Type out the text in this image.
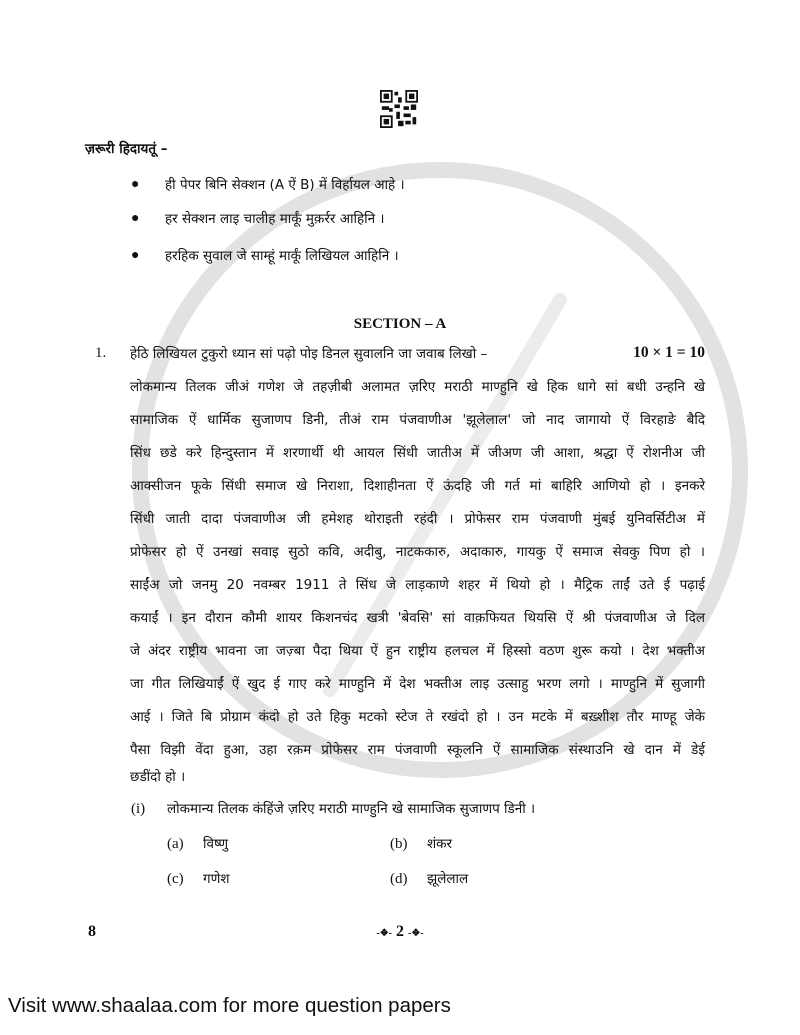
ज़रूरी हिदायतूं –
● ही पेपर बिनि सेक्शन (A ऐं B) में विर्हायल आहे ।
● हर सेक्शन लाइ चालीह मार्कूं मुक़र्रर आहिनि ।
● हरहिक सुवाल जे साम्हूं मार्कूं लिखियल आहिनि ।
SECTION – A
1. हेठि लिखियल टुकुरो ध्यान सां पढ़ो पोइ डिनल सुवालनि जा जवाब लिखो –	10 × 1 = 10
लोकमान्य तिलक जीअं गणेश जे तहज़ीबी अलामत ज़रिए मराठी माण्हुनि खे हिक धागे सां बधी उन्हनि खे
सामाजिक ऐं धार्मिक सुजाणप डिनी, तीअं राम पंजवाणीअ 'झूलेलाल' जो नाद जागायो ऐं विरहाङे बैदि
सिंध छडे करे हिन्दुस्तान में शरणार्थी थी आयल सिंधी जातीअ में जीअण जी आशा, श्रद्धा ऐं रोशनीअ जी
आक्सीजन फूके सिंधी समाज खे निराशा, दिशाहीनता ऐं ऊंदहि जी गर्त मां बाहिरि आणियो हो । इनकरे
सिंधी जाती दादा पंजवाणीअ जी हमेशह थोराइती रहंदी । प्रोफेसर राम पंजवाणी मुंबई युनिवर्सिटीअ में
प्रोफेसर हो ऐं उनखां सवाइ सुठो कवि, अदीबु, नाटककारु, अदाकारु, गायकु ऐं समाज सेवकु पिण हो ।
साईंअ जो जनमु 20 नवम्बर 1911 ते सिंध जे लाड़काणे शहर में थियो हो । मैट्रिक ताईं उते ई पढ़ाई
कयाईं । इन दौरान कौमी शायर किशनचंद खत्री 'बेवसि' सां वाक़फियत थियसि ऐं श्री पंजवाणीअ जे दिल
जे अंदर राष्ट्रीय भावना जा जज़्बा पैदा थिया ऐं हुन राष्ट्रीय हलचल में हिस्सो वठण शुरू कयो । देश भक्तीअ
जा गीत लिखियाईं ऐं खुद ई गाए करे माण्हुनि में देश भक्तीअ लाइ उत्साहु भरण लगो । माण्हुनि में सुजागी
आई । जिते बि प्रोग्राम कंदो हो उते हिकु मटको स्टेज ते रखंदो हो । उन मटके में बख़्शीश तौर माण्हू जेके
पैसा विझी वेंदा हुआ, उहा रक़म प्रोफेसर राम पंजवाणी स्कूलनि ऐं सामाजिक संस्थाउनि खे दान में डेई
छडींदो हो ।
(i) लोकमान्य तिलक कंहिंजे ज़रिए मराठी माण्हुनि खे सामाजिक सुजाणप डिनी ।
(a) विष्णु	(b) शंकर
(c) गणेश	(d) झूलेलाल
8	-❖- 2 -❖-
Visit www.shaalaa.com for more question papers
